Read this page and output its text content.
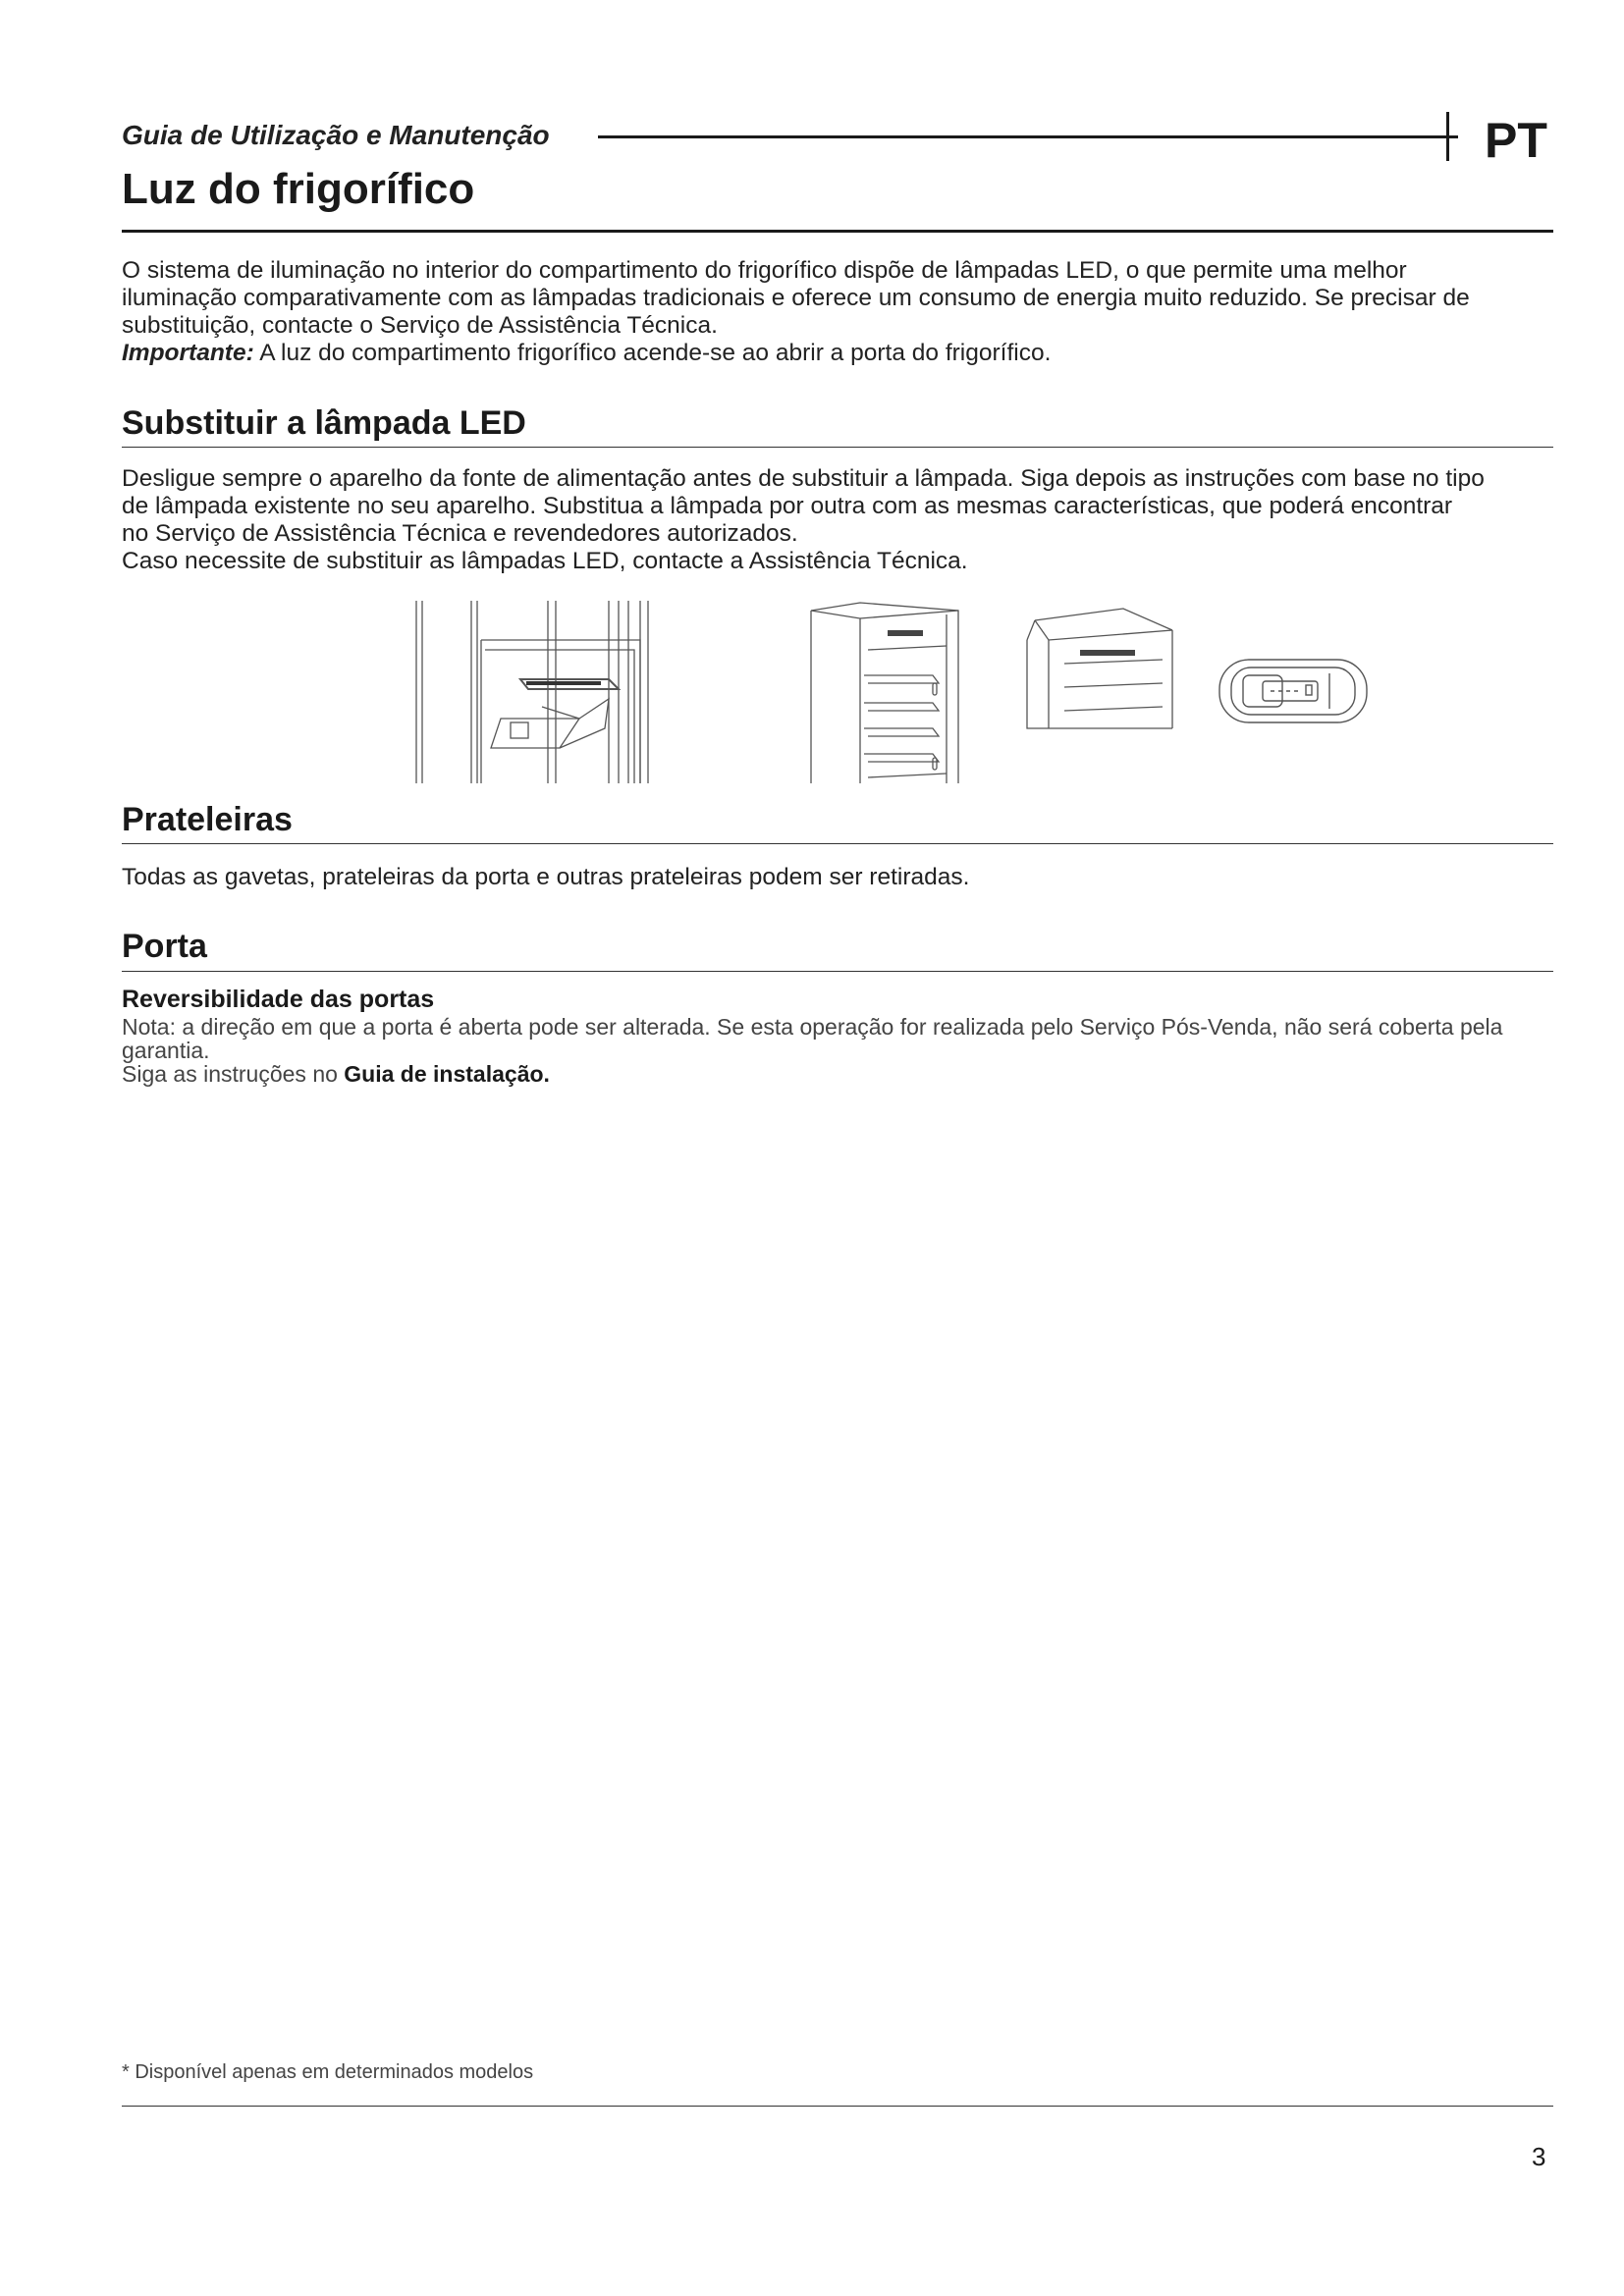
Guia de Utilização e Manutenção	PT
Luz do frigorífico
O sistema de iluminação no interior do compartimento do frigorífico dispõe de lâmpadas LED, o que permite uma melhor
iluminação comparativamente com as lâmpadas tradicionais e oferece um consumo de energia muito reduzido. Se precisar de
substituição, contacte o Serviço de Assistência Técnica.
Importante: A luz do compartimento frigorífico acende-se ao abrir a porta do frigorífico.
Substituir a lâmpada LED
Desligue sempre o aparelho da fonte de alimentação antes de substituir a lâmpada. Siga depois as instruções com base no tipo
de lâmpada existente no seu aparelho. Substitua a lâmpada por outra com as mesmas características, que poderá encontrar
no Serviço de Assistência Técnica e revendedores autorizados.
Caso necessite de substituir as lâmpadas LED, contacte a Assistência Técnica.
Prateleiras
Todas as gavetas, prateleiras da porta e outras prateleiras podem ser retiradas.
Porta
Reversibilidade das portas
Nota: a direção em que a porta é aberta pode ser alterada. Se esta operação for realizada pelo Serviço Pós-Venda, não será coberta pela
garantia.
Siga as instruções no Guia de instalação.
* Disponível apenas em determinados modelos
3
